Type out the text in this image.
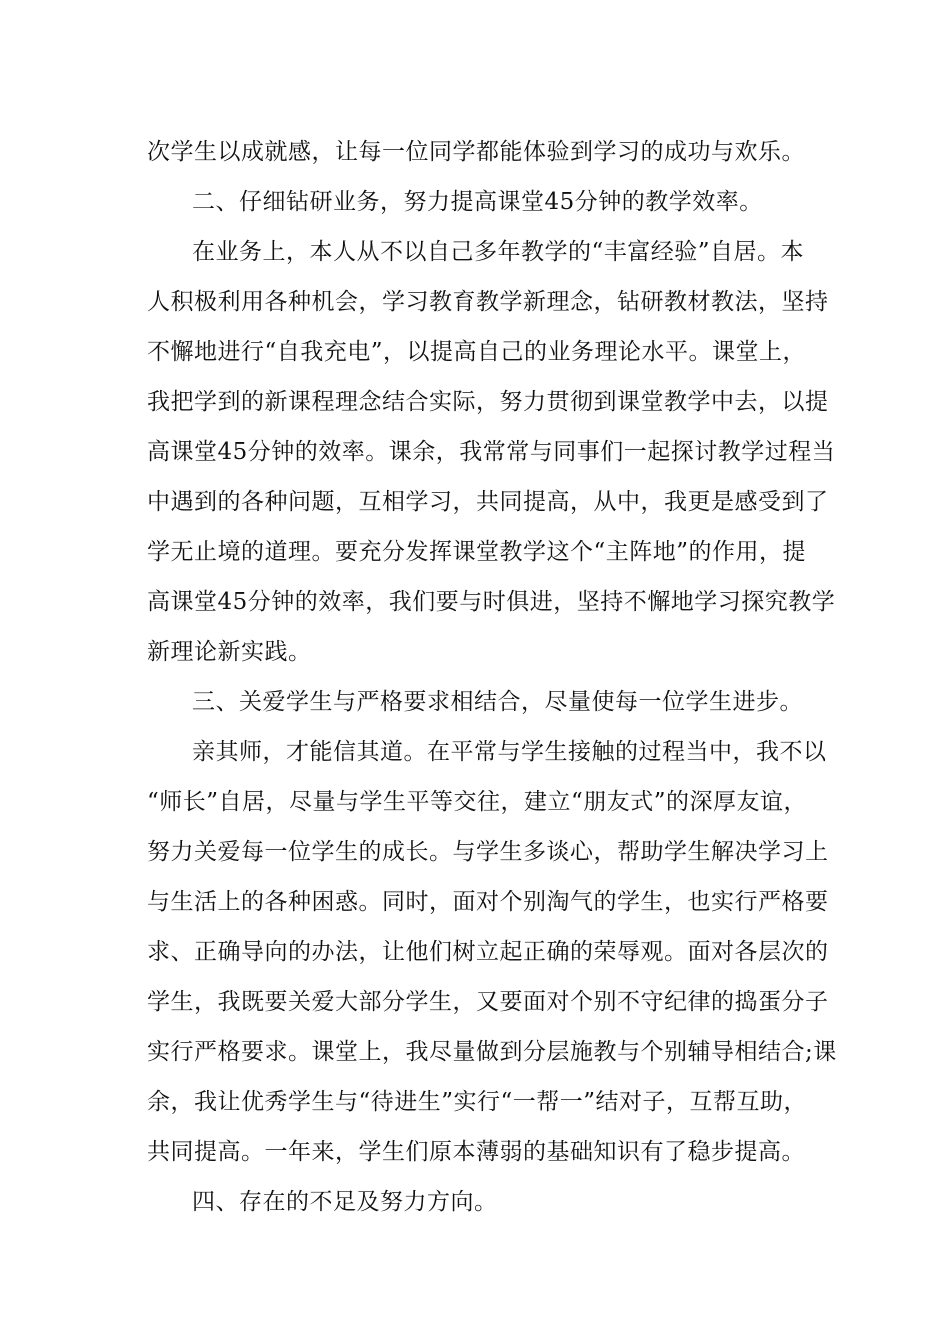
次学生以成就感，让每一位同学都能体验到学习的成功与欢乐。
二、仔细钻研业务，努力提高课堂45分钟的教学效率。
在业务上，本人从不以自己多年教学的“丰富经验”自居。本
人积极利用各种机会，学习教育教学新理念，钻研教材教法，坚持
不懈地进行“自我充电”，以提高自己的业务理论水平。课堂上，
我把学到的新课程理念结合实际，努力贯彻到课堂教学中去，以提
高课堂45分钟的效率。课余，我常常与同事们一起探讨教学过程当
中遇到的各种问题，互相学习，共同提高，从中，我更是感受到了
学无止境的道理。要充分发挥课堂教学这个“主阵地”的作用，提
高课堂45分钟的效率，我们要与时俱进，坚持不懈地学习探究教学
新理论新实践。
三、关爱学生与严格要求相结合，尽量使每一位学生进步。
亲其师，才能信其道。在平常与学生接触的过程当中，我不以
“师长”自居，尽量与学生平等交往，建立“朋友式”的深厚友谊，
努力关爱每一位学生的成长。与学生多谈心，帮助学生解决学习上
与生活上的各种困惑。同时，面对个别淘气的学生，也实行严格要
求、正确导向的办法，让他们树立起正确的荣辱观。面对各层次的
学生，我既要关爱大部分学生，又要面对个别不守纪律的捣蛋分子
实行严格要求。课堂上，我尽量做到分层施教与个别辅导相结合;课
余，我让优秀学生与“待进生”实行“一帮一”结对子，互帮互助，
共同提高。一年来，学生们原本薄弱的基础知识有了稳步提高。
四、存在的不足及努力方向。
